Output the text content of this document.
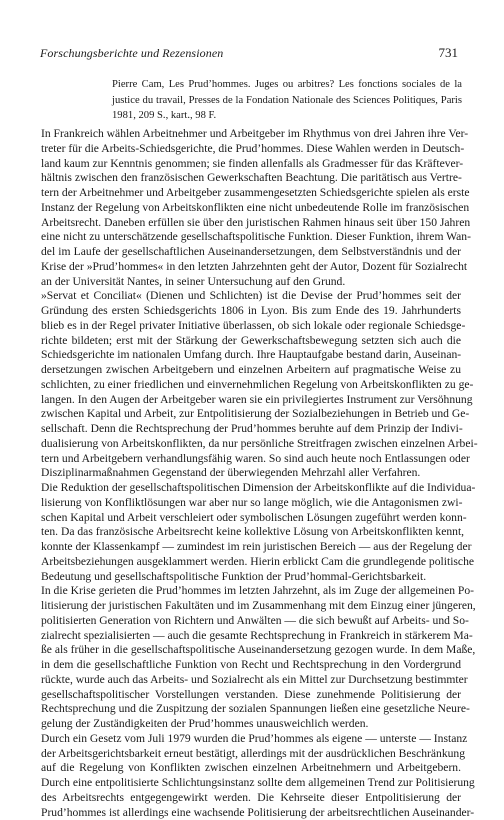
Forschungsberichte und Rezensionen	731
Pierre Cam, Les Prud’hommes. Juges ou arbitres? Les fonctions sociales de la justice du travail, Presses de la Fondation Nationale des Sciences Politiques, Paris 1981, 209 S., kart., 98 F.
In Frankreich wählen Arbeitnehmer und Arbeitgeber im Rhythmus von drei Jahren ihre Ver-
treter für die Arbeits-Schiedsgerichte, die Prud’hommes. Diese Wahlen werden in Deutsch-
land kaum zur Kenntnis genommen; sie finden allenfalls als Gradmesser für das Kräftever-
hältnis zwischen den französischen Gewerkschaften Beachtung. Die paritätisch aus Vertre-
tern der Arbeitnehmer und Arbeitgeber zusammengesetzten Schiedsgerichte spielen als erste
Instanz der Regelung von Arbeitskonflikten eine nicht unbedeutende Rolle im französischen
Arbeitsrecht. Daneben erfüllen sie über den juristischen Rahmen hinaus seit über 150 Jahren
eine nicht zu unterschätzende gesellschaftspolitische Funktion. Dieser Funktion, ihrem Wan-
del im Laufe der gesellschaftlichen Auseinandersetzungen, dem Selbstverständnis und der
Krise der »Prud’hommes« in den letzten Jahrzehnten geht der Autor, Dozent für Sozialrecht
an der Universität Nantes, in seiner Untersuchung auf den Grund.
»Servat et Conciliat« (Dienen und Schlichten) ist die Devise der Prud’hommes seit der
Gründung des ersten Schiedsgerichts 1806 in Lyon. Bis zum Ende des 19. Jahrhunderts
blieb es in der Regel privater Initiative überlassen, ob sich lokale oder regionale Schiedsge-
richte bildeten; erst mit der Stärkung der Gewerkschaftsbewegung setzten sich auch die
Schiedsgerichte im nationalen Umfang durch. Ihre Hauptaufgabe bestand darin, Auseinan-
dersetzungen zwischen Arbeitgebern und einzelnen Arbeitern auf pragmatische Weise zu
schlichten, zu einer friedlichen und einvernehmlichen Regelung von Arbeitskonflikten zu ge-
langen. In den Augen der Arbeitgeber waren sie ein privilegiertes Instrument zur Versöhnung
zwischen Kapital und Arbeit, zur Entpolitisierung der Sozialbeziehungen in Betrieb und Ge-
sellschaft. Denn die Rechtsprechung der Prud’hommes beruhte auf dem Prinzip der Indivi-
dualisierung von Arbeitskonflikten, da nur persönliche Streitfragen zwischen einzelnen Arbei-
tern und Arbeitgebern verhandlungsfähig waren. So sind auch heute noch Entlassungen oder
Disziplinarmaßnahmen Gegenstand der überwiegenden Mehrzahl aller Verfahren.
Die Reduktion der gesellschaftspolitischen Dimension der Arbeitskonflikte auf die Individua-
lisierung von Konfliktlösungen war aber nur so lange möglich, wie die Antagonismen zwi-
schen Kapital und Arbeit verschleiert oder symbolischen Lösungen zugeführt werden konn-
ten. Da das französische Arbeitsrecht keine kollektive Lösung von Arbeitskonflikten kennt,
konnte der Klassenkampf — zumindest im rein juristischen Bereich — aus der Regelung der
Arbeitsbeziehungen ausgeklammert werden. Hierin erblickt Cam die grundlegende politische
Bedeutung und gesellschaftspolitische Funktion der Prud’hommal-Gerichtsbarkeit.
In die Krise gerieten die Prud’hommes im letzten Jahrzehnt, als im Zuge der allgemeinen Po-
litisierung der juristischen Fakultäten und im Zusammenhang mit dem Einzug einer jüngeren,
politisierten Generation von Richtern und Anwälten — die sich bewußt auf Arbeits- und So-
zialrecht spezialisierten — auch die gesamte Rechtsprechung in Frankreich in stärkerem Ma-
ße als früher in die gesellschaftspolitische Auseinandersetzung gezogen wurde. In dem Maße,
in dem die gesellschaftliche Funktion von Recht und Rechtsprechung in den Vordergrund
rückte, wurde auch das Arbeits- und Sozialrecht als ein Mittel zur Durchsetzung bestimmter
gesellschaftspolitischer Vorstellungen verstanden. Diese zunehmende Politisierung der
Rechtsprechung und die Zuspitzung der sozialen Spannungen ließen eine gesetzliche Neure-
gelung der Zuständigkeiten der Prud’hommes unausweichlich werden.
Durch ein Gesetz vom Juli 1979 wurden die Prud’hommes als eigene — unterste — Instanz
der Arbeitsgerichtsbarkeit erneut bestätigt, allerdings mit der ausdrücklichen Beschränkung
auf die Regelung von Konflikten zwischen einzelnen Arbeitnehmern und Arbeitgebern.
Durch eine entpolitisierte Schlichtungsinstanz sollte dem allgemeinen Trend zur Politisierung
des Arbeitsrechts entgegengewirkt werden. Die Kehrseite dieser Entpolitisierung der
Prud’hommes ist allerdings eine wachsende Politisierung der arbeitsrechtlichen Auseinander-
